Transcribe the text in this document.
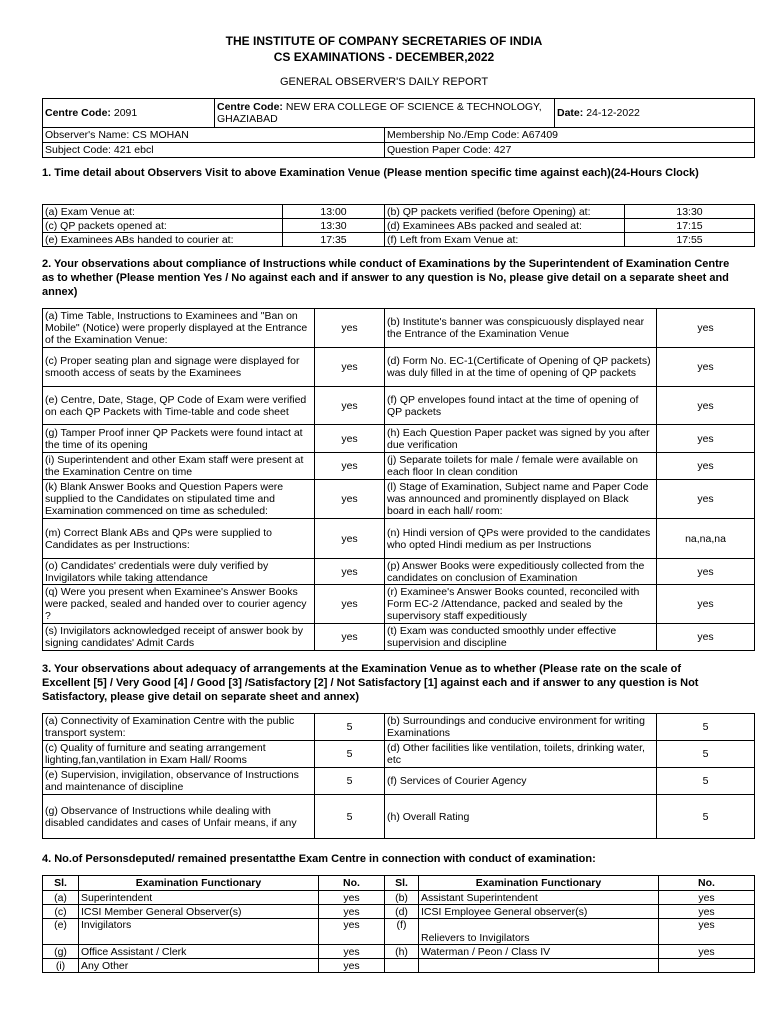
THE INSTITUTE OF COMPANY SECRETARIES OF INDIA
CS EXAMINATIONS - DECEMBER,2022
GENERAL OBSERVER'S DAILY REPORT
Centre Code: 2091	Centre Code: NEW ERA COLLEGE OF SCIENCE & TECHNOLOGY, GHAZIABAD	Date: 24-12-2022
Observer's Name: CS MOHAN	Membership No./Emp Code: A67409
Subject Code: 421 ebcl	Question Paper Code: 427
1. Time detail about Observers Visit to above Examination Venue (Please mention specific time against each)(24-Hours Clock)
(a) Exam Venue at:	13:00	(b) QP packets verified (before Opening) at:	13:30
(c) QP packets opened at:	13:30	(d) Examinees ABs packed and sealed at:	17:15
(e) Examinees ABs handed to courier at:	17:35	(f) Left from Exam Venue at:	17:55
2. Your observations about compliance of Instructions while conduct of Examinations by the Superintendent of Examination Centre as to whether (Please mention Yes / No against each and if answer to any question is No, please give detail on a separate sheet and annex)
(a) Time Table, Instructions to Examinees and "Ban on Mobile" (Notice) were properly displayed at the Entrance of the Examination Venue:	yes	(b) Institute's banner was conspicuously displayed near the Entrance of the Examination Venue	yes
(c) Proper seating plan and signage were displayed for smooth access of seats by the Examinees	yes	(d) Form No. EC-1(Certificate of Opening of QP packets) was duly filled in at the time of opening of QP packets	yes
(e) Centre, Date, Stage, QP Code of Exam were verified on each QP Packets with Time-table and code sheet	yes	(f) QP envelopes found intact at the time of opening of QP packets	yes
(g) Tamper Proof inner QP Packets were found intact at the time of its opening	yes	(h) Each Question Paper packet was signed by you after due verification	yes
(i) Superintendent and other Exam staff were present at the Examination Centre on time	yes	(j) Separate toilets for male / female were available on each floor In clean condition	yes
(k) Blank Answer Books and Question Papers were supplied to the Candidates on stipulated time and Examination commenced on time as scheduled:	yes	(l) Stage of Examination, Subject name and Paper Code was announced and prominently displayed on Black board in each hall/ room:	yes
(m) Correct Blank ABs and QPs were supplied to Candidates as per Instructions:	yes	(n) Hindi version of QPs were provided to the candidates who opted Hindi medium as per Instructions	na,na,na
(o) Candidates' credentials were duly verified by Invigilators while taking attendance	yes	(p) Answer Books were expeditiously collected from the candidates on conclusion of Examination	yes
(q) Were you present when Examinee's Answer Books were packed, sealed and handed over to courier agency ?	yes	(r) Examinee's Answer Books counted, reconciled with Form EC-2 /Attendance, packed and sealed by the supervisory staff expeditiously	yes
(s) Invigilators acknowledged receipt of answer book by signing candidates' Admit Cards	yes	(t) Exam was conducted smoothly under effective supervision and discipline	yes
3. Your observations about adequacy of arrangements at the Examination Venue as to whether (Please rate on the scale of Excellent [5] / Very Good [4] / Good [3] /Satisfactory [2] / Not Satisfactory [1] against each and if answer to any question is Not Satisfactory, please give detail on separate sheet and annex)
(a) Connectivity of Examination Centre with the public transport system:	5	(b) Surroundings and conducive environment for writing Examinations	5
(c) Quality of furniture and seating arrangement lighting,fan,vantilation in Exam Hall/ Rooms	5	(d) Other facilities like ventilation, toilets, drinking water, etc	5
(e) Supervision, invigilation, observance of Instructions and maintenance of discipline	5	(f) Services of Courier Agency	5
(g) Observance of Instructions while dealing with disabled candidates and cases of Unfair means, if any	5	(h) Overall Rating	5
4. No.of Personsdeputed/ remained presentatthe Exam Centre in connection with conduct of examination:
Sl.	Examination Functionary	No.	Sl.	Examination Functionary	No.
(a)	Superintendent	yes	(b)	Assistant Superintendent	yes
(c)	ICSI Member General Observer(s)	yes	(d)	ICSI Employee General observer(s)	yes
(e)	Invigilators	yes	(f)	Relievers to Invigilators	yes
(g)	Office Assistant / Clerk	yes	(h)	Waterman / Peon / Class IV	yes
(i)	Any Other	yes			
